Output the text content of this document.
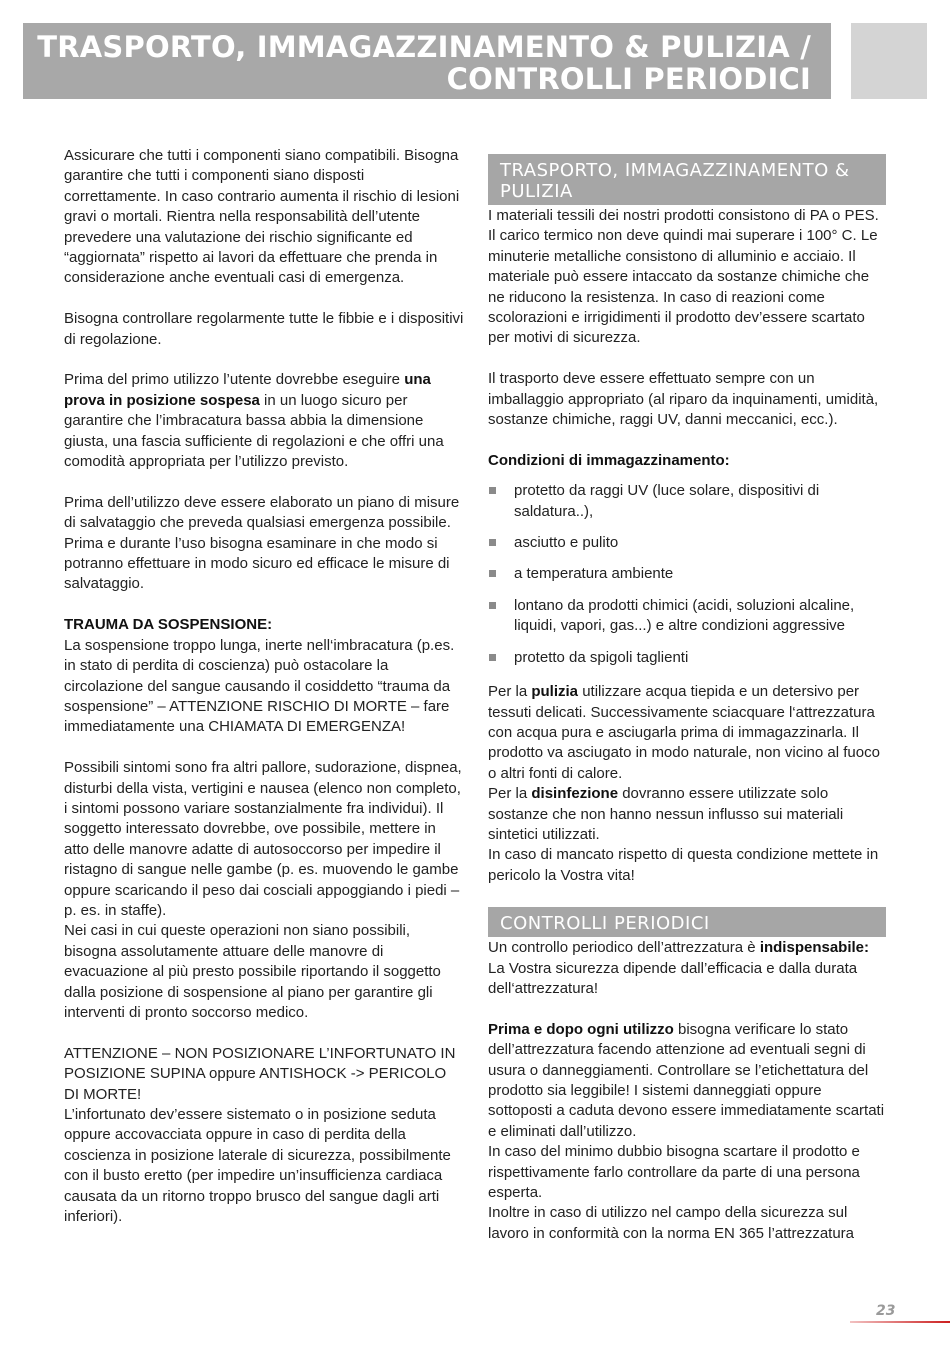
TRASPORTO, IMMAGAZZINAMENTO & PULIZIA /
CONTROLLI PERIODICI

Assicurare che tutti i componenti siano compatibili. Bisogna garantire che tutti i componenti siano disposti correttamente. In caso contrario aumenta il rischio di lesioni gravi o mortali. Rientra nella responsabilità dell’utente prevedere una valutazione dei rischio significante ed “aggiornata” rispetto ai lavori da effettuare che prenda in considerazione anche eventuali casi di emergenza.

Bisogna controllare regolarmente tutte le fibbie e i dispositivi di regolazione.

Prima del primo utilizzo l’utente dovrebbe eseguire una prova in posizione sospesa in un luogo sicuro per garantire che l’imbracatura bassa abbia la dimensione giusta, una fascia sufficiente di regolazioni e che offri una comodità appropriata per l’utilizzo previsto.

Prima dell’utilizzo deve essere elaborato un piano di misure di salvataggio che preveda qualsiasi emergenza possibile. Prima e durante l’uso bisogna esaminare in che modo si potranno effettuare in modo sicuro ed efficace le misure di salvataggio.

TRAUMA DA SOSPENSIONE:

La sospensione troppo lunga, inerte nell‘imbracatura (p.es. in stato di perdita di coscienza) può ostacolare la circolazione del sangue causando il cosiddetto “trauma da sospensione” – ATTENZIONE RISCHIO DI MORTE – fare immediatamente una CHIAMATA DI EMERGENZA!

Possibili sintomi sono fra altri pallore, sudorazione, dispnea, disturbi della vista, vertigini e nausea (elenco non completo, i sintomi possono variare sostanzialmente fra individui). Il soggetto interessato dovrebbe, ove possibile, mettere in atto delle manovre adatte di autosoccorso per impedire il ristagno di sangue nelle gambe (p. es. muovendo le gambe oppure scaricando il peso dai cosciali appoggiando i piedi – p. es. in staffe).

Nei casi in cui queste operazioni non siano possibili, bisogna assolutamente attuare delle manovre di evacuazione al più presto possibile riportando il soggetto dalla posizione di sospensione al piano per garantire gli interventi di pronto soccorso medico.

ATTENZIONE – NON POSIZIONARE L’INFORTUNATO IN POSIZIONE SUPINA oppure ANTISHOCK -> PERICOLO DI MORTE!

L’infortunato dev’essere sistemato o in posizione seduta oppure accovacciata oppure in caso di perdita della coscienza in posizione laterale di sicurezza, possibilmente con il busto eretto (per impedire un’insufficienza cardiaca causata da un ritorno troppo brusco del sangue dagli arti inferiori).

TRASPORTO, IMMAGAZZINAMENTO & PULIZIA

I materiali tessili dei nostri prodotti consistono di PA o PES. Il carico termico non deve quindi mai superare i 100° C. Le minuterie metalliche consistono di alluminio e acciaio. Il materiale può essere intaccato da sostanze chimiche che ne riducono la resistenza. In caso di reazioni come scolorazioni e irrigidimenti il prodotto dev’essere scartato per motivi di sicurezza.

Il trasporto deve essere effettuato sempre con un imballaggio appropriato (al riparo da inquinamenti, umidità, sostanze chimiche, raggi UV, danni meccanici, ecc.).

Condizioni di immagazzinamento:

protetto da raggi UV (luce solare, dispositivi di saldatura..),
asciutto e pulito
a temperatura ambiente
lontano da prodotti chimici (acidi, soluzioni alcaline, liquidi, vapori, gas...) e altre condizioni aggressive
protetto da spigoli taglienti

Per la pulizia utilizzare acqua tiepida e un detersivo per tessuti delicati. Successivamente sciacquare l‘attrezzatura con acqua pura e asciugarla prima di immagazzinarla. Il prodotto va asciugato in modo naturale, non vicino al fuoco o altri fonti di calore.

Per la disinfezione dovranno essere utilizzate solo sostanze che non hanno nessun influsso sui materiali sintetici utilizzati.

In caso di mancato rispetto di questa condizione mettete in pericolo la Vostra vita!

CONTROLLI PERIODICI

Un controllo periodico dell’attrezzatura è indispensabile: La Vostra sicurezza dipende dall’efficacia e dalla durata dell‘attrezzatura!

Prima e dopo ogni utilizzo bisogna verificare lo stato dell’attrezzatura facendo attenzione ad eventuali segni di usura o danneggiamenti. Controllare se l’etichettatura del prodotto sia leggibile! I sistemi danneggiati oppure sottoposti a caduta devono essere immediatamente scartati e eliminati dall’utilizzo.

In caso del minimo dubbio bisogna scartare il prodotto e rispettivamente farlo controllare da parte di una persona esperta.

Inoltre in caso di utilizzo nel campo della sicurezza sul lavoro in conformità con la norma EN 365 l’attrezzatura

23
